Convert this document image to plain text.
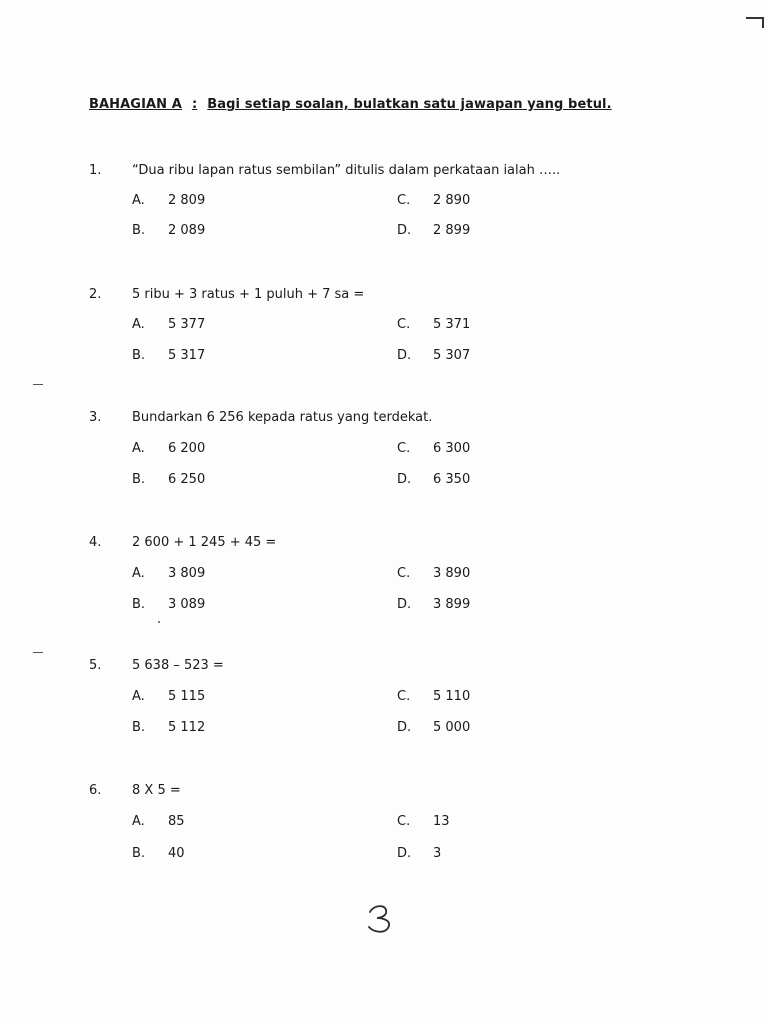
BAHAGIAN A : Bagi setiap soalan, bulatkan satu jawapan yang betul.
1. “Dua ribu lapan ratus sembilan” ditulis dalam perkataan ialah …..
A. 2 809
B. 2 089
C. 2 890
D. 2 899
2. 5 ribu + 3 ratus + 1 puluh + 7 sa =
A. 5 377
B. 5 317
C. 5 371
D. 5 307
3. Bundarkan 6 256 kepada ratus yang terdekat.
A. 6 200
B. 6 250
C. 6 300
D. 6 350
4. 2 600 + 1 245 + 45 =
A. 3 809
B. 3 089
C. 3 890
D. 3 899
5. 5 638 – 523 =
A. 5 115
B. 5 112
C. 5 110
D. 5 000
6. 8 X 5 =
A. 85
B. 40
C. 13
D. 3
